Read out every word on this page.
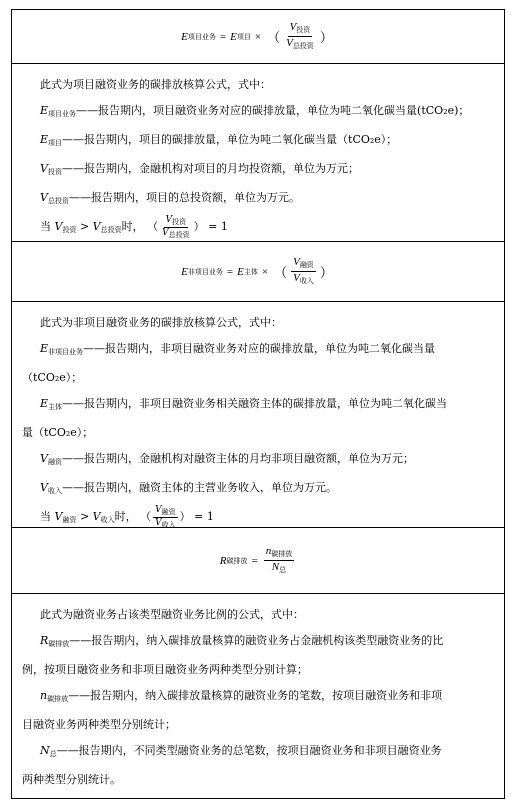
E 项目业务 = E 项目 × （ $\frac{V_{投资}}{V_{总投资}}$ ）

此式为项目融资业务的碳排放核算公式，式中：

$E_{项目业务}——$报告期内，项目融资业务对应的碳排放量，单位为吨二氧化碳当量(tCO₂e)；

$E_{项目}——$报告期内，项目的碳排放量，单位为吨二氧化碳当量（tCO₂e）；

$V_{投资}——$报告期内，金融机构对项目的月均投资额，单位为万元；

$V_{总投资}——$报告期内，项目的总投资额，单位为万元。

当 $V_{投资} > V_{总投资}$时， （ $\frac{V_{投资}}{V_{总投资}}$ ） = 1

E 非项目业务 = E 主体 × （ $\frac{V_{融资}}{V_{收入}}$ ）

此式为非项目融资业务的碳排放核算公式，式中：

$E_{非项目业务}——$报告期内，非项目融资业务对应的碳排放量，单位为吨二氧化碳当量

（tCO₂e）；

$E_{主体}——$报告期内，非项目融资业务相关融资主体的碳排放量，单位为吨二氧化碳当

量（tCO₂e）；

$V_{融资}——$报告期内，金融机构对融资主体的月均非项目融资额，单位为万元；

$V_{收入}——$报告期内，融资主体的主营业务收入，单位为万元。

当 $V_{融资} > V_{收入}$时， （ $\frac{V_{融资}}{V_{收入}}$ ） = 1

R 碳排放 = $\frac{n_{碳排放}}{N_总}$

此式为融资业务占该类型融资业务比例的公式，式中：

$R_{碳排放}——$报告期内，纳入碳排放量核算的融资业务占金融机构该类型融资业务的比

例，按项目融资业务和非项目融资业务两种类型分别计算；

$n_{碳排放}——$报告期内，纳入碳排放量核算的融资业务的笔数，按项目融资业务和非项

目融资业务两种类型分别统计；

$N_总——$报告期内，不同类型融资业务的总笔数，按项目融资业务和非项目融资业务

两种类型分别统计。
